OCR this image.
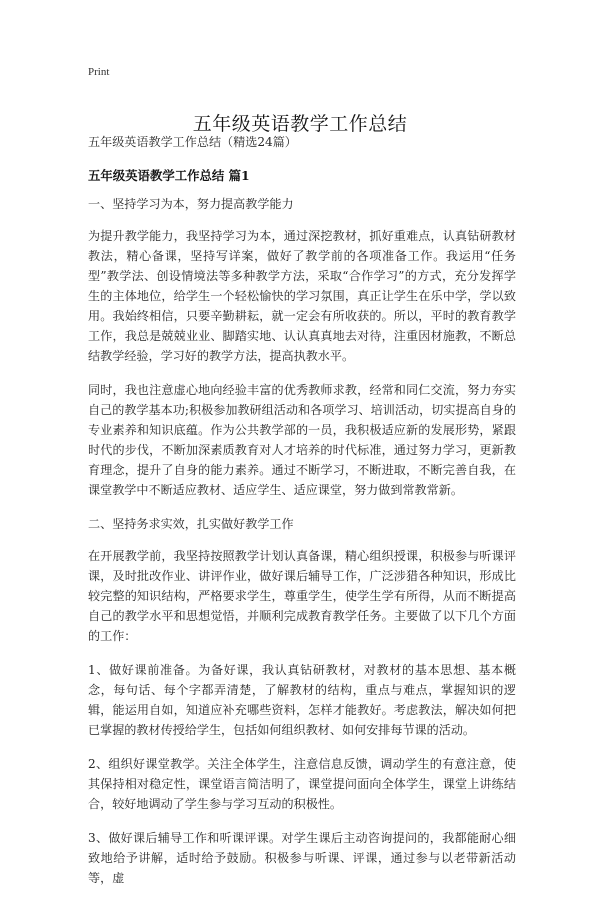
Print
五年级英语教学工作总结

五年级英语教学工作总结（精选24篇）

五年级英语教学工作总结 篇1

一、坚持学习为本，努力提高教学能力

为提升教学能力，我坚持学习为本，通过深挖教材，抓好重难点，认真钻研教材教法，精心备课，坚持写详案，做好了教学前的各项准备工作。我运用“任务型”教学法、创设情境法等多种教学方法，采取“合作学习”的方式，充分发挥学生的主体地位，给学生一个轻松愉快的学习氛围，真正让学生在乐中学，学以致用。我始终相信，只要辛勤耕耘，就一定会有所收获的。所以，平时的教育教学工作，我总是兢兢业业、脚踏实地、认认真真地去对待，注重因材施教，不断总结教学经验，学习好的教学方法，提高执教水平。

同时，我也注意虚心地向经验丰富的优秀教师求教，经常和同仁交流，努力夯实自己的教学基本功;积极参加教研组活动和各项学习、培训活动，切实提高自身的专业素养和知识底蕴。作为公共教学部的一员，我积极适应新的发展形势，紧跟时代的步伐，不断加深素质教育对人才培养的时代标准，通过努力学习，更新教育理念，提升了自身的能力素养。通过不断学习，不断进取，不断完善自我，在课堂教学中不断适应教材、适应学生、适应课堂，努力做到常教常新。

二、坚持务求实效，扎实做好教学工作

在开展教学前，我坚持按照教学计划认真备课，精心组织授课，积极参与听课评课，及时批改作业、讲评作业，做好课后辅导工作，广泛涉猎各种知识，形成比较完整的知识结构，严格要求学生，尊重学生，使学生学有所得，从而不断提高自己的教学水平和思想觉悟，并顺利完成教育教学任务。主要做了以下几个方面的工作：

1、做好课前准备。为备好课，我认真钻研教材，对教材的基本思想、基本概念，每句话、每个字都弄清楚，了解教材的结构，重点与难点，掌握知识的逻辑，能运用自如，知道应补充哪些资料，怎样才能教好。考虑教法，解决如何把已掌握的教材传授给学生，包括如何组织教材、如何安排每节课的活动。

2、组织好课堂教学。关注全体学生，注意信息反馈，调动学生的有意注意，使其保持相对稳定性，课堂语言简洁明了，课堂提问面向全体学生，课堂上讲练结合，较好地调动了学生参与学习互动的积极性。

3、做好课后辅导工作和听课评课。对学生课后主动咨询提问的，我都能耐心细致地给予讲解，适时给予鼓励。积极参与听课、评课，通过参与以老带新活动等，虚
